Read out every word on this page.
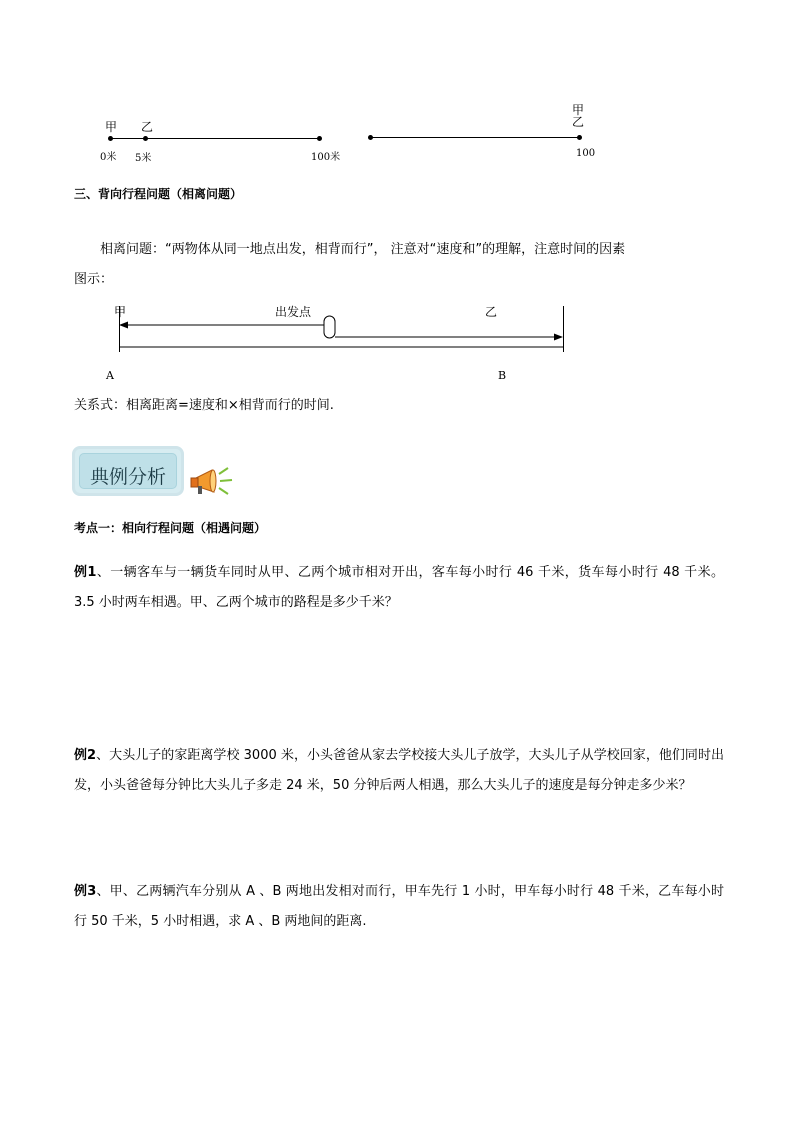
甲 乙
0米 5米	100米
甲
乙
100
三、背向行程问题（相离问题）
相离问题：“两物体从同一地点出发，相背而行”， 注意对“速度和”的理解，注意时间的因素
图示：
甲	出发点	乙
A	B
关系式：相离距离=速度和×相背而行的时间.
典例分析
考点一：相向行程问题（相遇问题）
例1、一辆客车与一辆货车同时从甲、乙两个城市相对开出，客车每小时行 46 千米，货车每小时行 48 千米。3.5 小时两车相遇。甲、乙两个城市的路程是多少千米？
例2、大头儿子的家距离学校 3000 米，小头爸爸从家去学校接大头儿子放学，大头儿子从学校回家，他们同时出发，小头爸爸每分钟比大头儿子多走 24 米，50 分钟后两人相遇，那么大头儿子的速度是每分钟走多少米？
例3、甲、乙两辆汽车分别从 A 、B 两地出发相对而行，甲车先行 1 小时，甲车每小时行 48 千米，乙车每小时行 50 千米，5 小时相遇，求 A 、B 两地间的距离.
